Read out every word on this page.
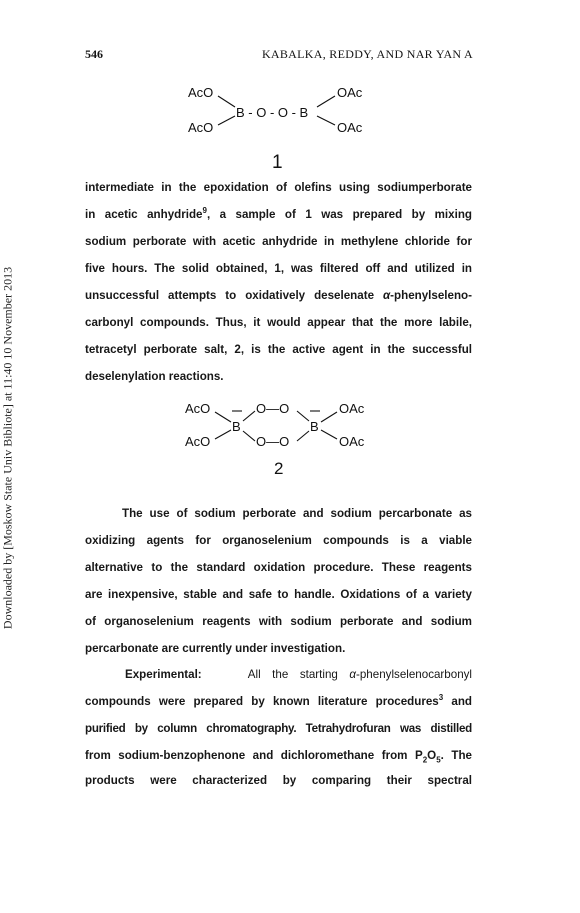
Downloaded by [Moskow State Univ Bibliote] at 11:40 10 November 2013
546	KABALKA, REDDY, AND NAR YAN A
AcO
AcO
B - O - O - B
OAc
OAc
1
intermediate in the epoxidation of olefins using sodiumperborate
in acetic anhydride$^9$, a sample of 1 was prepared by mixing
sodium perborate with acetic anhydride in methylene chloride for
five hours. The solid obtained, 1, was filtered off and utilized in
unsuccessful attempts to oxidatively deselenate α-phenylseleno-
carbonyl compounds. Thus, it would appear that the more labile,
tetracetyl perborate salt, 2, is the active agent in the successful
deselenylation reactions.
AcO
AcO
B
O—O
O—O
B
OAc
OAc
2
The use of sodium perborate and sodium percarbonate as
oxidizing agents for organoselenium compounds is a viable
alternative to the standard oxidation procedure. These reagents
are inexpensive, stable and safe to handle. Oxidations of a variety
of organoselenium reagents with sodium perborate and sodium
percarbonate are currently under investigation.
Experimental:	All the starting α-phenylselenocarbonyl
compounds were prepared by known literature procedures$^3$ and
purified by column chromatography. Tetrahydrofuran was distilled
from sodium-benzophenone and dichloromethane from $P_2O_5$. The
products were characterized by comparing their spectral
